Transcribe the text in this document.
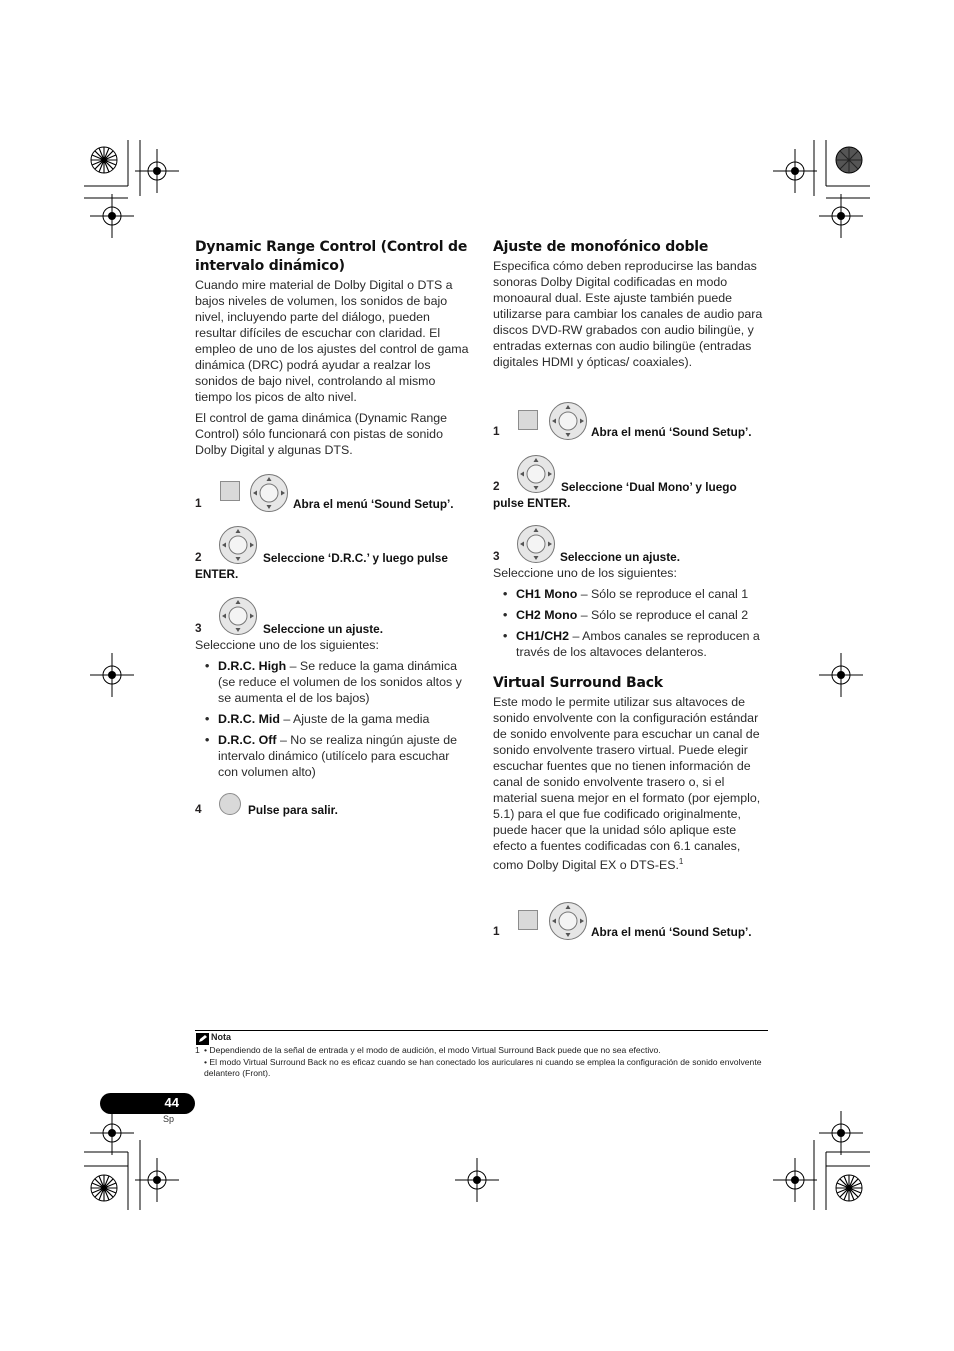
Dynamic Range Control (Control de intervalo dinámico)

Cuando mire material de Dolby Digital o DTS a bajos niveles de volumen, los sonidos de bajo nivel, incluyendo parte del diálogo, pueden resultar difíciles de escuchar con claridad. El empleo de uno de los ajustes del control de gama dinámica (DRC) podrá ayudar a realzar los sonidos de bajo nivel, controlando al mismo tiempo los picos de alto nivel.

El control de gama dinámica (Dynamic Range Control) sólo funcionará con pistas de sonido Dolby Digital y algunas DTS.

1	Abra el menú ‘Sound Setup’.
2	Seleccione ‘D.R.C.’ y luego pulse ENTER.
3	Seleccione un ajuste.

Seleccione uno de los siguientes:

• D.R.C. High – Se reduce la gama dinámica (se reduce el volumen de los sonidos altos y se aumenta el de los bajos)
• D.R.C. Mid – Ajuste de la gama media
• D.R.C. Off – No se realiza ningún ajuste de intervalo dinámico (utilícelo para escuchar con volumen alto)
4	Pulse para salir.
Ajuste de monofónico doble

Especifica cómo deben reproducirse las bandas sonoras Dolby Digital codificadas en modo monoaural dual. Este ajuste también puede utilizarse para cambiar los canales de audio para discos DVD-RW grabados con audio bilingüe, y entradas externas con audio bilingüe (entradas digitales HDMI y ópticas/ coaxiales).

1	Abra el menú ‘Sound Setup’.
2	Seleccione ‘Dual Mono’ y luego pulse ENTER.
3	Seleccione un ajuste.

Seleccione uno de los siguientes:

• CH1 Mono – Sólo se reproduce el canal 1
• CH2 Mono – Sólo se reproduce el canal 2
• CH1/CH2 – Ambos canales se reproducen a través de los altavoces delanteros.
Virtual Surround Back

Este modo le permite utilizar sus altavoces de sonido envolvente con la configuración estándar de sonido envolvente para escuchar un canal de sonido envolvente trasero virtual. Puede elegir escuchar fuentes que no tienen información de canal de sonido envolvente trasero o, si el material suena mejor en el formato (por ejemplo, 5.1) para el que fue codificado originalmente, puede hacer que la unidad sólo aplique este efecto a fuentes codificadas con 6.1 canales, como Dolby Digital EX o DTS-ES.$^1$

1	Abra el menú ‘Sound Setup’.
Nota
1 • Dependiendo de la señal de entrada y el modo de audición, el modo Virtual Surround Back puede que no sea efectivo.
• El modo Virtual Surround Back no es eficaz cuando se han conectado los auriculares ni cuando se emplea la configuración de sonido envolvente delantero (Front).
44
Sp
